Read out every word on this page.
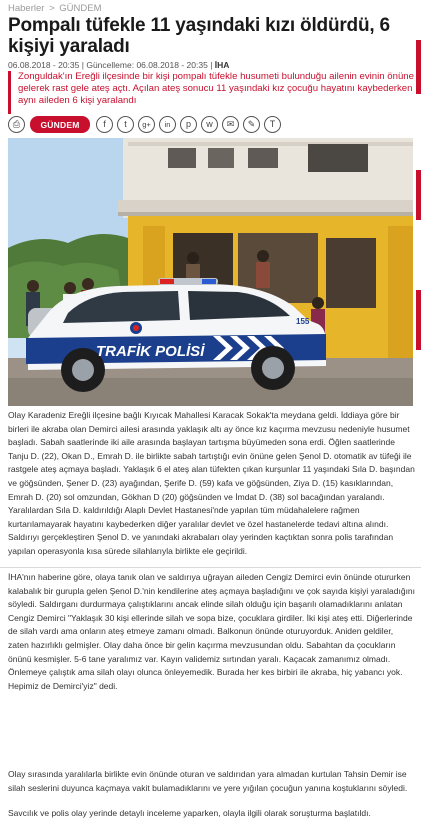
Haberler > GÜNDEM
Pompalı tüfekle 11 yaşındaki kızı öldürdü, 6 kişiyi yaraladı
06.08.2018 - 20:35 | Güncelleme: 06.08.2018 - 20:35 | İHA

Zonguldak'ın Ereğli ilçesinde bir kişi pompalı tüfekle husumeti bulunduğu ailenin evinin önüne gelerek rast gele ateş açtı. Açılan ateş sonucu 11 yaşındaki kız çocuğu hayatını kaybederken aynı aileden 6 kişi yaralandı

⎙	GÜNDEM	f	t	g+	in	p	w	✉	✎	T
TRAFİK POLİSİ
155

Olay Karadeniz Ereğli ilçesine bağlı Kıyıcak Mahallesi Karacak Sokak'ta meydana geldi. İddiaya göre bir birleri ile akraba olan Demirci ailesi arasında yaklaşık altı ay önce kız kaçırma mevzusu nedeniyle husumet başladı. Sabah saatlerinde iki aile arasında başlayan tartışma büyümeden sona erdi. Öğlen saatlerinde Tanju D. (22), Okan D., Emrah D. ile birlikte sabah tartıştığı evin önüne gelen Şenol D. otomatik av tüfeği ile rastgele ateş açmaya başladı. Yaklaşık 6 el ateş alan tüfekten çıkan kurşunlar 11 yaşındaki Sıla D. başından ve göğsünden, Şener D. (23) ayağından, Şerife D. (59) kafa ve göğsünden, Ziya D. (15) kasıklarından, Emrah D. (20) sol omzundan, Gökhan D (20) göğsünden ve İmdat D. (38) sol bacağından yaralandı. Yaralılardan Sıla D. kaldırıldığı Alaplı Devlet Hastanesi'nde yapılan tüm müdahalelere rağmen kurtarılamayarak hayatını kaybederken diğer yaralılar devlet ve özel hastanelerde tedavi altına alındı. Saldırıyı gerçekleştiren Şenol D. ve yanındaki akrabaları olay yerinden kaçtıktan sonra polis tarafından yapılan operasyonla kısa sürede silahlarıyla birlikte ele geçirildi.

İHA'nın haberine göre, olaya tanık olan ve saldırıya uğrayan aileden Cengiz Demirci evin önünde otururken kalabalık bir gurupla gelen Şenol D.'nin kendilerine ateş açmaya başladığını ve çok sayıda kişiyi yaraladığını söyledi. Saldırganı durdurmaya çalıştıklarını ancak elinde silah olduğu için başarılı olamadıklarını anlatan Cengiz Demirci "Yaklaşık 30 kişi ellerinde silah ve sopa bize, çocuklara girdiler. İki kişi ateş etti. Diğerlerinde de silah vardı ama onların ateş etmeye zamanı olmadı. Balkonun önünde oturuyorduk. Aniden geldiler, zaten hazırlıklı gelmişler. Olay daha önce bir gelin kaçırma mevzusundan oldu. Sabahtan da çocukların önünü kesmişler. 5-6 tane yaralımız var. Kayın validemiz sırtından yaralı. Kaçacak zamanımız olmadı. Önlemeye çalıştık ama silah olayı olunca önleyemedik. Burada her kes birbiri ile akraba, hiç yabancı yok. Hepimiz de Demirci'yiz" dedi.

Olay sırasında yaralılarla birlikte evin önünde oturan ve saldırıdan yara almadan kurtulan Tahsin Demir ise silah seslerini duyunca kaçmaya vakit bulamadıklarını ve yere yığılan çocuğun yanına koştuklarını söyledi.

Savcılık ve polis olay yerinde detaylı inceleme yaparken, olayla ilgili olarak soruşturma başlatıldı.
